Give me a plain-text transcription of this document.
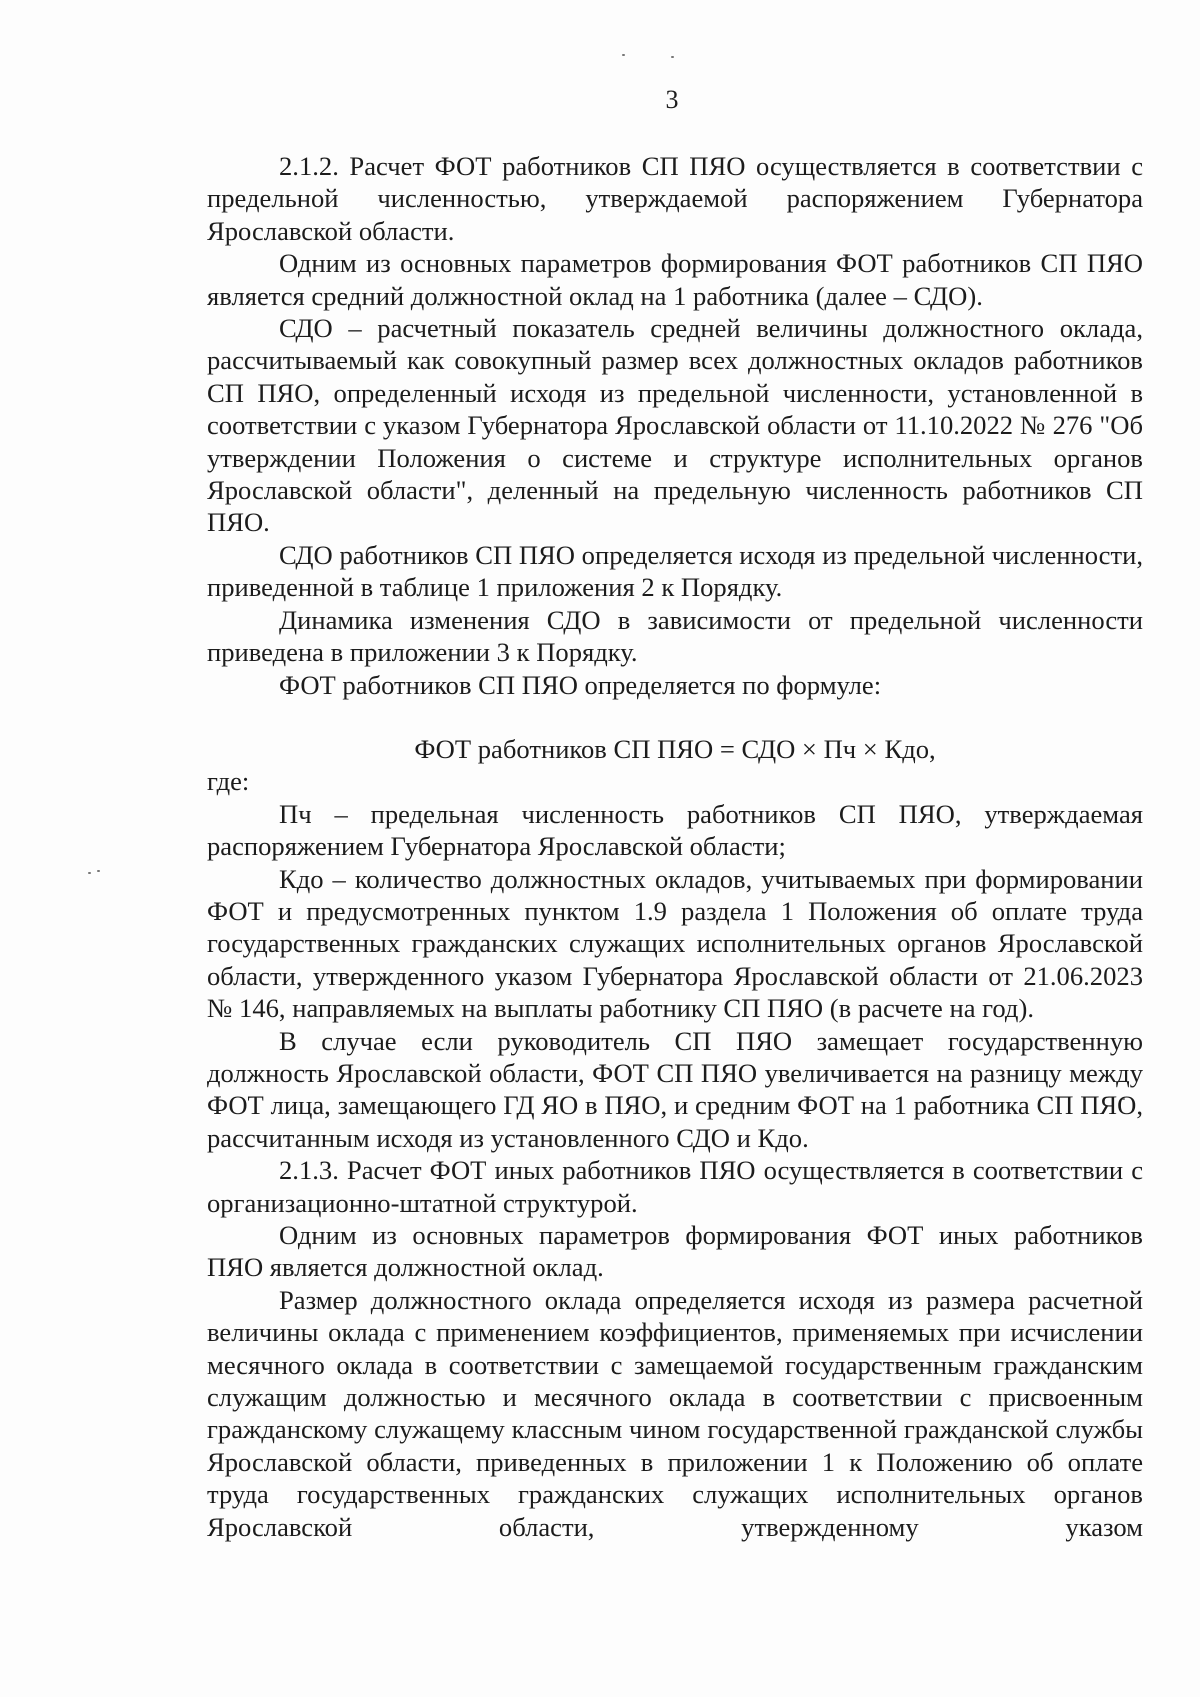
3

2.1.2. Расчет ФОТ работников СП ПЯО осуществляется в соответствии с предельной численностью, утверждаемой распоряжением Губернатора Ярославской области.

Одним из основных параметров формирования ФОТ работников СП ПЯО является средний должностной оклад на 1 работника (далее – СДО).

СДО – расчетный показатель средней величины должностного оклада, рассчитываемый как совокупный размер всех должностных окладов работников СП ПЯО, определенный исходя из предельной численности, установленной в соответствии с указом Губернатора Ярославской области от 11.10.2022 № 276 "Об утверждении Положения о системе и структуре исполнительных органов Ярославской области", деленный на предельную численность работников СП ПЯО.

СДО работников СП ПЯО определяется исходя из предельной численности, приведенной в таблице 1 приложения 2 к Порядку.

Динамика изменения СДО в зависимости от предельной численности приведена в приложении 3 к Порядку.

ФОТ работников СП ПЯО определяется по формуле:

ФОТ работников СП ПЯО = СДО × Пч × Кдо,

где:

Пч – предельная численность работников СП ПЯО, утверждаемая распоряжением Губернатора Ярославской области;

Кдо – количество должностных окладов, учитываемых при формировании ФОТ и предусмотренных пунктом 1.9 раздела 1 Положения об оплате труда государственных гражданских служащих исполнительных органов Ярославской области, утвержденного указом Губернатора Ярославской области от 21.06.2023 № 146, направляемых на выплаты работнику СП ПЯО (в расчете на год).

В случае если руководитель СП ПЯО замещает государственную должность Ярославской области, ФОТ СП ПЯО увеличивается на разницу между ФОТ лица, замещающего ГД ЯО в ПЯО, и средним ФОТ на 1 работника СП ПЯО, рассчитанным исходя из установленного СДО и Кдо.

2.1.3. Расчет ФОТ иных работников ПЯО осуществляется в соответствии с организационно-штатной структурой.

Одним из основных параметров формирования ФОТ иных работников ПЯО является должностной оклад.

Размер должностного оклада определяется исходя из размера расчетной величины оклада с применением коэффициентов, применяемых при исчислении месячного оклада в соответствии с замещаемой государственным гражданским служащим должностью и месячного оклада в соответствии с присвоенным гражданскому служащему классным чином государственной гражданской службы Ярославской области, приведенных в приложении 1 к Положению об оплате труда государственных гражданских служащих исполнительных органов Ярославской области, утвержденному указом
